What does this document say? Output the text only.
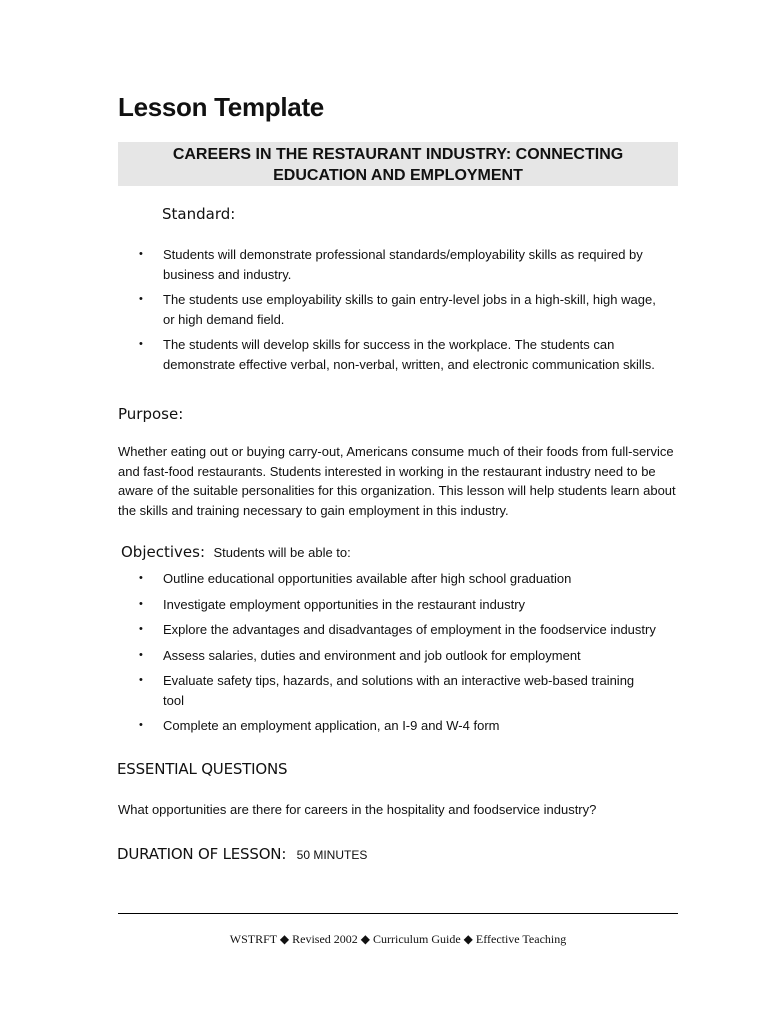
Lesson Template
CAREERS IN THE RESTAURANT INDUSTRY: CONNECTING
EDUCATION AND EMPLOYMENT
Standard:
• Students will demonstrate professional standards/employability skills as required by business and industry.
• The students use employability skills to gain entry-level jobs in a high-skill, high wage, or high demand field.
• The students will develop skills for success in the workplace. The students can demonstrate effective verbal, non-verbal, written, and electronic communication skills.
Purpose:

Whether eating out or buying carry-out, Americans consume much of their foods from full-service and fast-food restaurants. Students interested in working in the restaurant industry need to be aware of the suitable personalities for this organization. This lesson will help students learn about the skills and training necessary to gain employment in this industry.

Objectives: Students will be able to:
• Outline educational opportunities available after high school graduation
• Investigate employment opportunities in the restaurant industry
• Explore the advantages and disadvantages of employment in the foodservice industry
• Assess salaries, duties and environment and job outlook for employment
• Evaluate safety tips, hazards, and solutions with an interactive web-based training tool
• Complete an employment application, an I-9 and W-4 form
ESSENTIAL QUESTIONS

What opportunities are there for careers in the hospitality and foodservice industry?

DURATION OF LESSON: 50 MINUTES
WSTRFT ◆ Revised 2002 ◆ Curriculum Guide ◆ Effective Teaching
